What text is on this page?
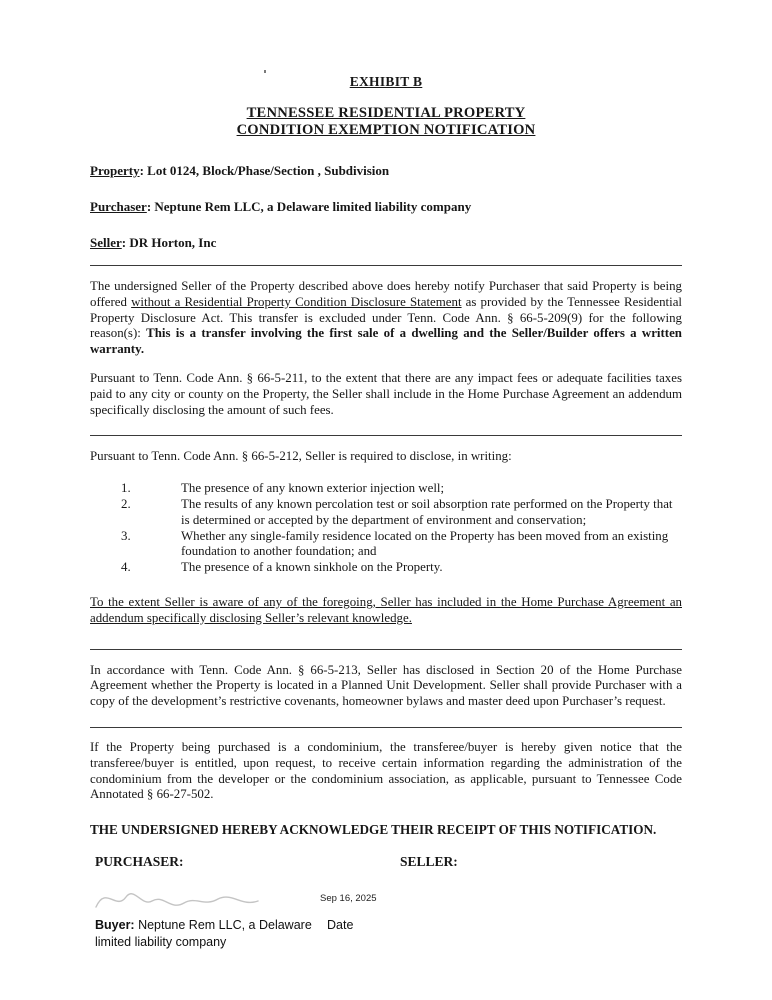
EXHIBIT B
TENNESSEE RESIDENTIAL PROPERTY
CONDITION EXEMPTION NOTIFICATION
Property: Lot 0124, Block/Phase/Section , Subdivision
Purchaser: Neptune Rem LLC, a Delaware limited liability company
Seller: DR Horton, Inc

The undersigned Seller of the Property described above does hereby notify Purchaser that said Property is being offered without a Residential Property Condition Disclosure Statement as provided by the Tennessee Residential Property Disclosure Act. This transfer is excluded under Tenn. Code Ann. § 66-5-209(9) for the following reason(s): This is a transfer involving the first sale of a dwelling and the Seller/Builder offers a written warranty.

Pursuant to Tenn. Code Ann. § 66-5-211, to the extent that there are any impact fees or adequate facilities taxes paid to any city or county on the Property, the Seller shall include in the Home Purchase Agreement an addendum specifically disclosing the amount of such fees.

Pursuant to Tenn. Code Ann. § 66-5-212, Seller is required to disclose, in writing:

1.	The presence of any known exterior injection well;
2.	The results of any known percolation test or soil absorption rate performed on the Property that is determined or accepted by the department of environment and conservation;
3.	Whether any single-family residence located on the Property has been moved from an existing foundation to another foundation; and
4.	The presence of a known sinkhole on the Property.

To the extent Seller is aware of any of the foregoing, Seller has included in the Home Purchase Agreement an addendum specifically disclosing Seller’s relevant knowledge.

In accordance with Tenn. Code Ann. § 66-5-213, Seller has disclosed in Section 20 of the Home Purchase Agreement whether the Property is located in a Planned Unit Development. Seller shall provide Purchaser with a copy of the development’s restrictive covenants, homeowner bylaws and master deed upon Purchaser’s request.

If the Property being purchased is a condominium, the transferee/buyer is hereby given notice that the transferee/buyer is entitled, upon request, to receive certain information regarding the administration of the condominium from the developer or the condominium association, as applicable, pursuant to Tennessee Code Annotated § 66-27-502.

THE UNDERSIGNED HEREBY ACKNOWLEDGE THEIR RECEIPT OF THIS NOTIFICATION.
PURCHASER:	SELLER:
Sep 16, 2025
Buyer: Neptune Rem LLC, a Delaware limited liability company
Date
